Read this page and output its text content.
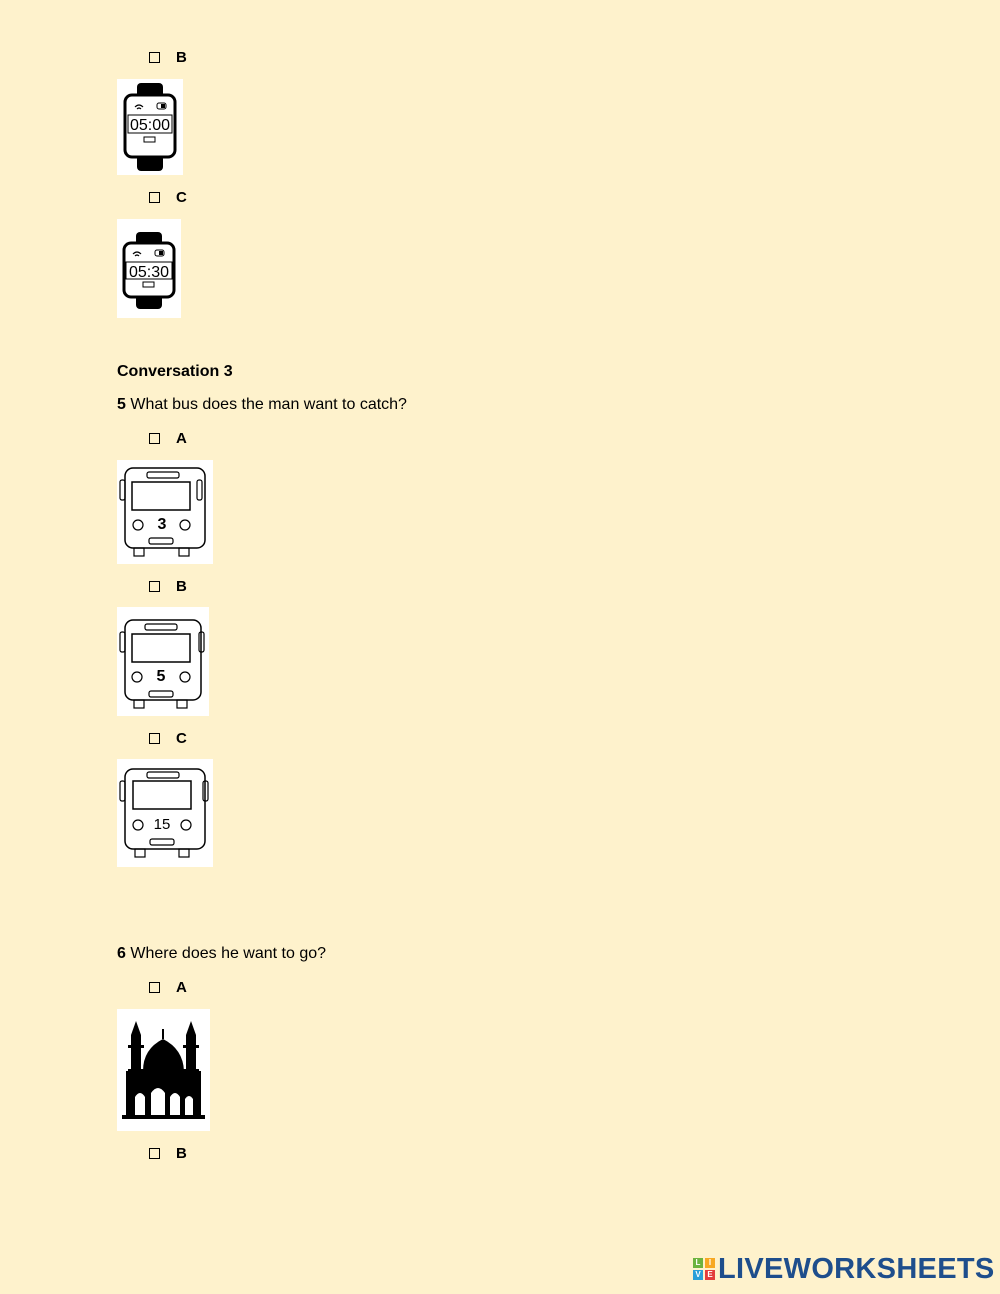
B
05:00
C
05:30
Conversation 3
5 What bus does the man want to catch?
A
3
B
5
C
15
6 Where does he want to go?
A
B
L	I
V E LIVEWORKSHEETS
